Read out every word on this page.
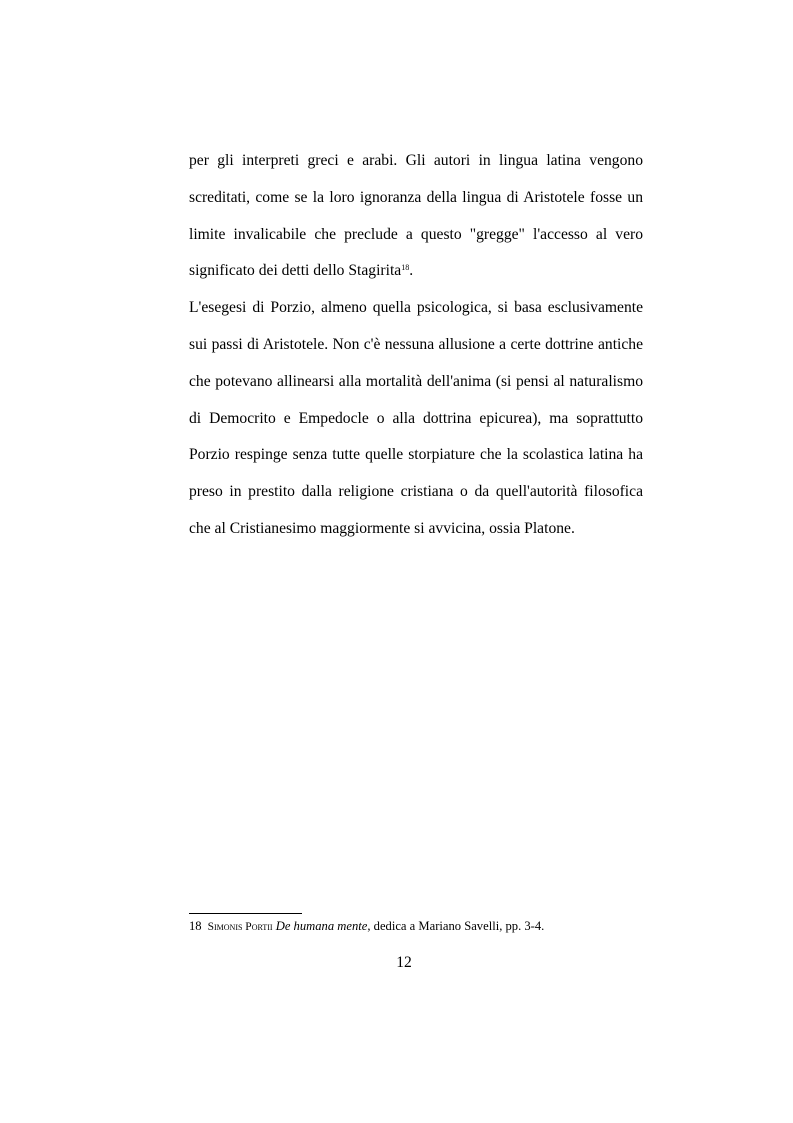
per gli interpreti greci e arabi. Gli autori in lingua latina vengono screditati, come se la loro ignoranza della lingua di Aristotele fosse un limite invalicabile che preclude a questo "gregge" l'accesso al vero significato dei detti dello Stagirita$^{18}$.

L'esegesi di Porzio, almeno quella psicologica, si basa esclusivamente sui passi di Aristotele. Non c'è nessuna allusione a certe dottrine antiche che potevano allinearsi alla mortalità dell'anima (si pensi al naturalismo di Democrito e Empedocle o alla dottrina epicurea), ma soprattutto Porzio respinge senza tutte quelle storpiature che la scolastica latina ha preso in prestito dalla religione cristiana o da quell'autorità filosofica che al Cristianesimo maggiormente si avvicina, ossia Platone.

18 Simonis Portii De humana mente, dedica a Mariano Savelli, pp. 3-4.
12
